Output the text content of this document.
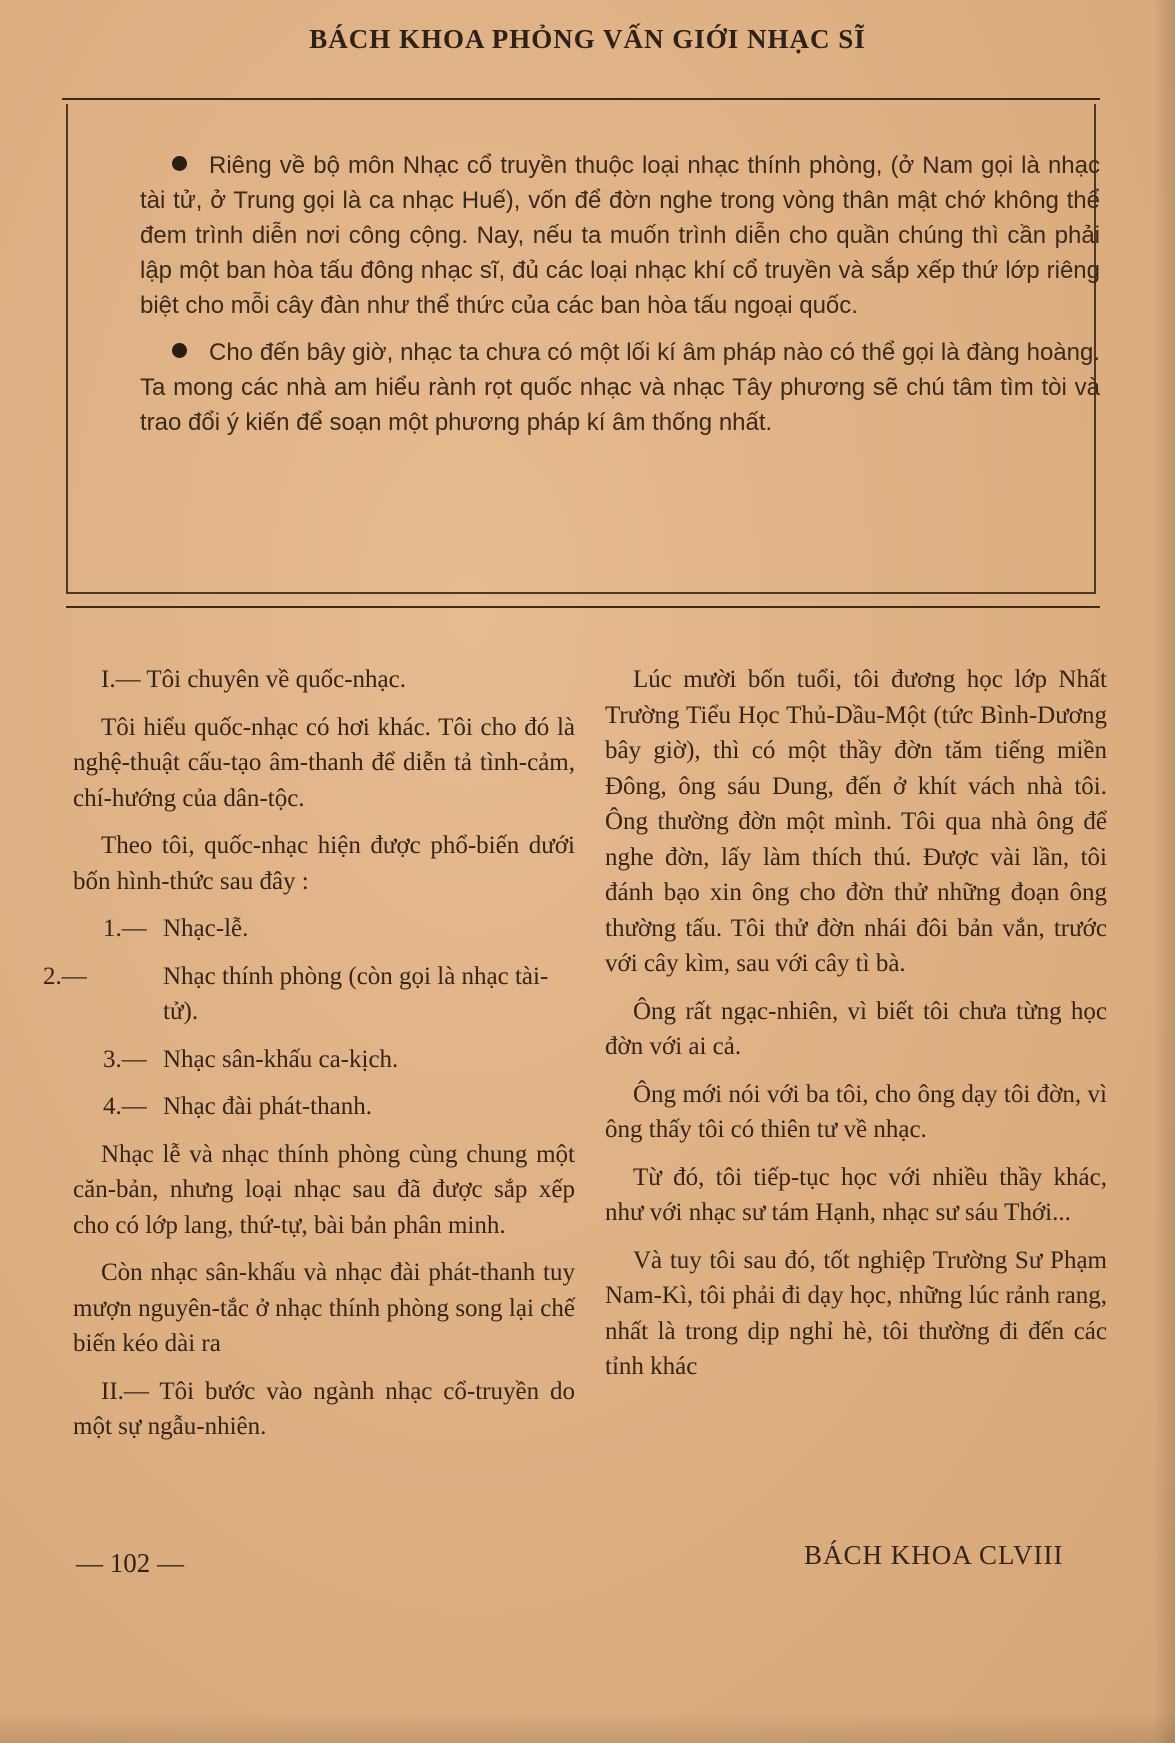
BÁCH KHOA PHỎNG VẤN GIỚI NHẠC SĨ

Riêng về bộ môn Nhạc cổ truyền thuộc loại nhạc thính phòng, (ở Nam gọi là nhạc tài tử, ở Trung gọi là ca nhạc Huế), vốn để đờn nghe trong vòng thân mật chớ không thể đem trình diễn nơi công cộng. Nay, nếu ta muốn trình diễn cho quần chúng thì cần phải lập một ban hòa tấu đông nhạc sĩ, đủ các loại nhạc khí cổ truyền và sắp xếp thứ lớp riêng biệt cho mỗi cây đàn như thể thức của các ban hòa tấu ngoại quốc.

Cho đến bây giờ, nhạc ta chưa có một lối kí âm pháp nào có thể gọi là đàng hoàng. Ta mong các nhà am hiểu rành rọt quốc nhạc và nhạc Tây phương sẽ chú tâm tìm tòi và trao đổi ý kiến để soạn một phương pháp kí âm thống nhất.

I.— Tôi chuyên về quốc-nhạc.

Tôi hiểu quốc-nhạc có hơi khác. Tôi cho đó là nghệ-thuật cấu-tạo âm-thanh để diễn tả tình-cảm, chí-hướng của dân-tộc.

Theo tôi, quốc-nhạc hiện được phổ-biến dưới bốn hình-thức sau đây :

1.— Nhạc-lễ.
2.—	Nhạc thính phòng (còn gọi là nhạc tài-tử).
3.— Nhạc sân-khấu ca-kịch.
4.— Nhạc đài phát-thanh.

Nhạc lễ và nhạc thính phòng cùng chung một căn-bản, nhưng loại nhạc sau đã được sắp xếp cho có lớp lang, thứ-tự, bài bản phân minh.

Còn nhạc sân-khấu và nhạc đài phát-thanh tuy mượn nguyên-tắc ở nhạc thính phòng song lại chế biến kéo dài ra

II.— Tôi bước vào ngành nhạc cổ-truyền do một sự ngẫu-nhiên.

Lúc mười bốn tuổi, tôi đương học lớp Nhất Trường Tiểu Học Thủ-Dầu-Một (tức Bình-Dương bây giờ), thì có một thầy đờn tăm tiếng miền Đông, ông sáu Dung, đến ở khít vách nhà tôi. Ông thường đờn một mình. Tôi qua nhà ông để nghe đờn, lấy làm thích thú. Được vài lần, tôi đánh bạo xin ông cho đờn thử những đoạn ông thường tấu. Tôi thử đờn nhái đôi bản vắn, trước với cây kìm, sau với cây tì bà.

Ông rất ngạc-nhiên, vì biết tôi chưa từng học đờn với ai cả.

Ông mới nói với ba tôi, cho ông dạy tôi đờn, vì ông thấy tôi có thiên tư về nhạc.

Từ đó, tôi tiếp-tục học với nhiều thầy khác, như với nhạc sư tám Hạnh, nhạc sư sáu Thới...

Và tuy tôi sau đó, tốt nghiệp Trường Sư Phạm Nam-Kì, tôi phải đi dạy học, những lúc rảnh rang, nhất là trong dịp nghỉ hè, tôi thường đi đến các tỉnh khác

— 102 —	BÁCH KHOA CLVIII
